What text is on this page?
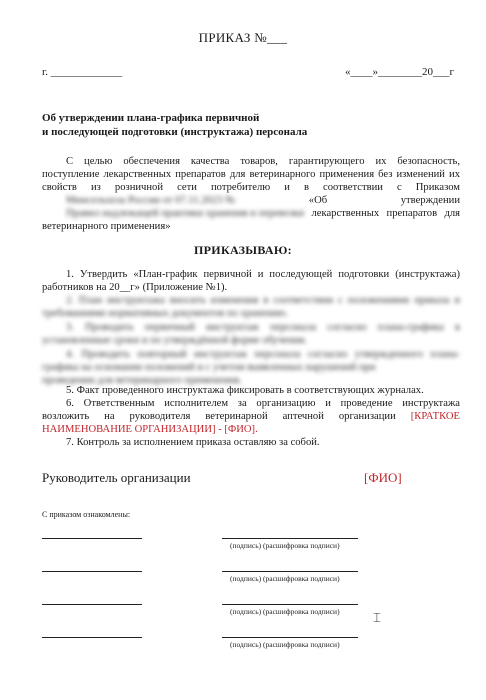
ПРИКАЗ №___
г. _____________	«____»________20___г
Об утверждении плана-графика первичной
и последующей подготовки (инструктажа) персонала
С целью обеспечения качества товаров, гарантирующего их безопасность, поступление лекарственных препаратов для ветеринарного применения без изменений их свойств из розничной сети потребителю и в соответствии с Приказом Минсельхоза России от 07.11.2023 №	«Об утверждении Правил надлежащей практики хранения и перевозки лекарственных препаратов для ветеринарного применения»
ПРИКАЗЫВАЮ:
1. Утвердить «План-график первичной и последующей подготовки (инструктажа) работников на 20__г» (Приложение №1).
2. План инструктажа вносить изменения в соответствии с положениями приказа и требованиями нормативных документов по хранению.
3. Проводить первичный инструктаж персонала согласно плана-графика в установленные сроки и по утверждённой форме обучения.
4. Проводить повторный инструктаж персонала согласно утвержденного плана-графика на основании положений и с учетом выявленных нарушений при
проведении для ветеринарного применения.
5. Факт проведенного инструктажа фиксировать в соответствующих журналах.
6. Ответственным исполнителем за организацию и проведение инструктажа возложить на руководителя ветеринарной аптечной организации [КРАТКОЕ НАИМЕНОВАНИЕ ОРГАНИЗАЦИИ] - [ФИО].
7. Контроль за исполнением приказа оставляю за собой.
Руководитель организации	[ФИО]
С приказом ознакомлены:
(подпись) (расшифровка подписи)
(подпись) (расшифровка подписи)
(подпись) (расшифровка подписи)
(подпись) (расшифровка подписи)
⌶
